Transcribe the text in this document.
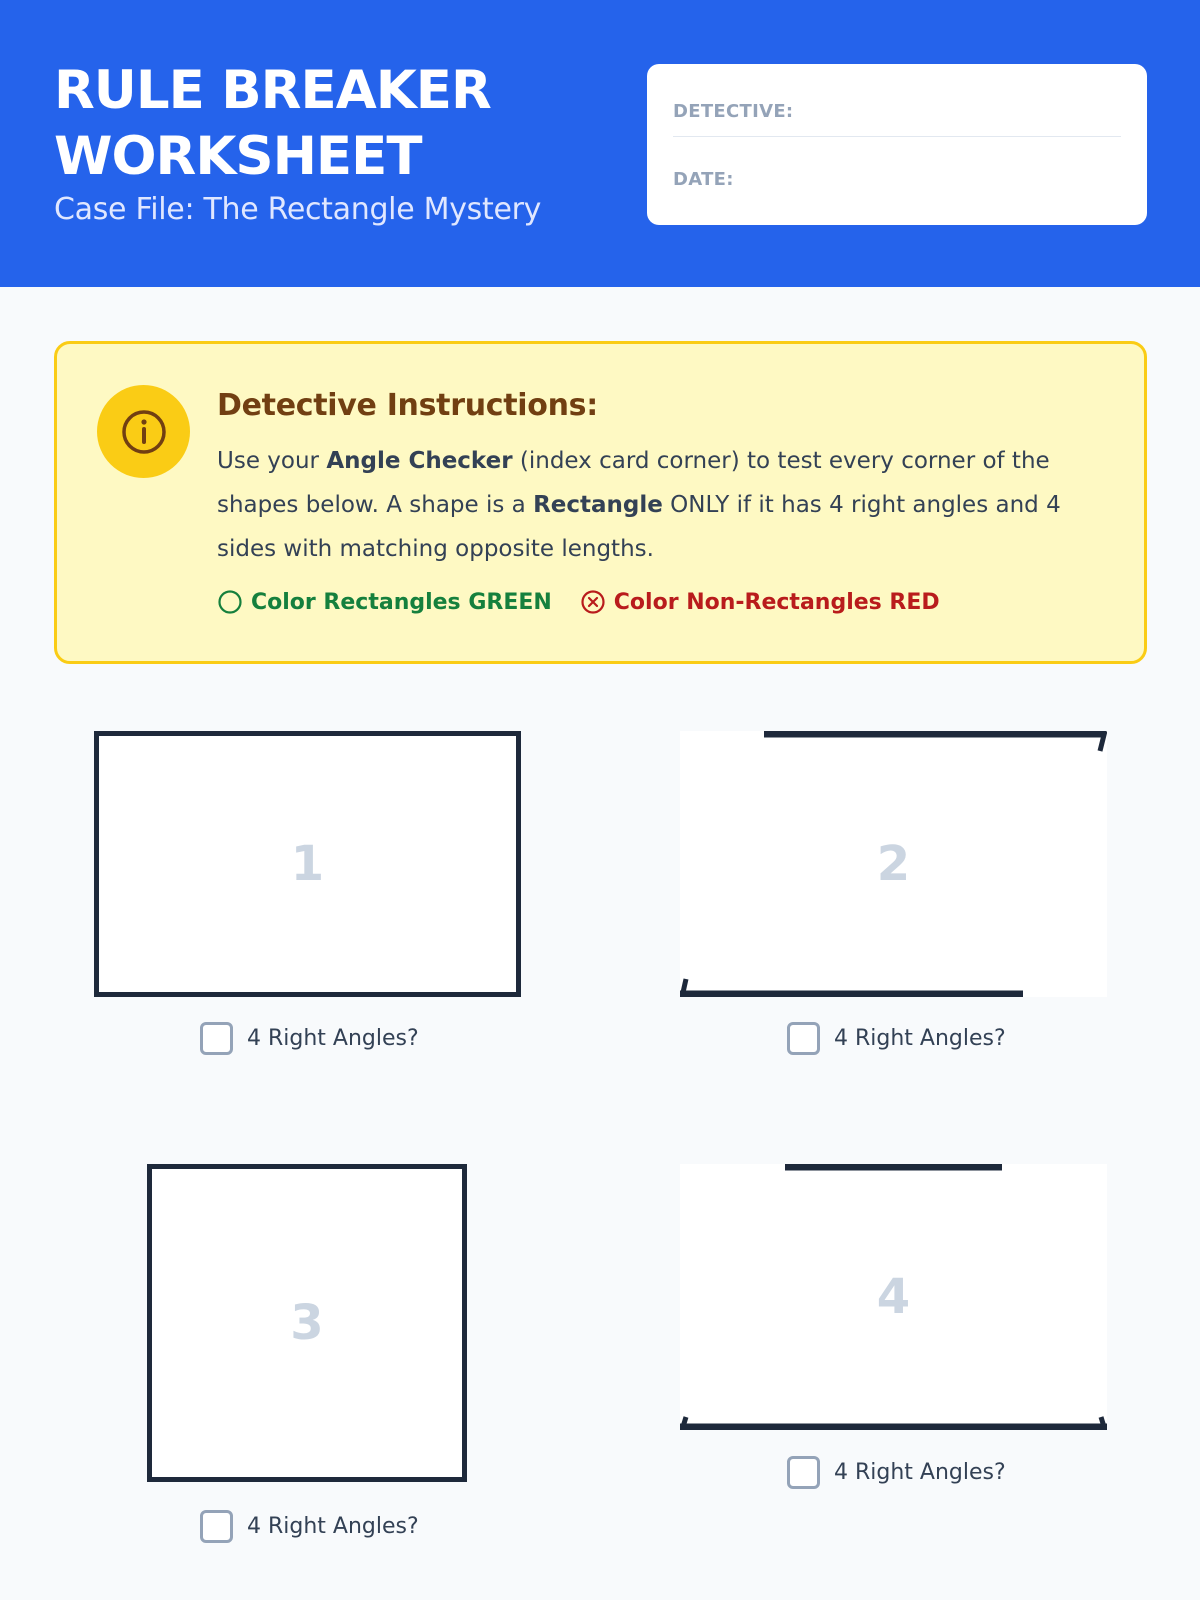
RULE BREAKER WORKSHEET
Case File: The Rectangle Mystery
DETECTIVE:
DATE:
Detective Instructions:
Use your Angle Checker (index card corner) to test every corner of the shapes below. A shape is a Rectangle ONLY if it has 4 right angles and 4 sides with matching opposite lengths.
Color Rectangles GREEN	Color Non-Rectangles RED
1
4 Right Angles?
2
4 Right Angles?
3
4 Right Angles?
4
4 Right Angles?
